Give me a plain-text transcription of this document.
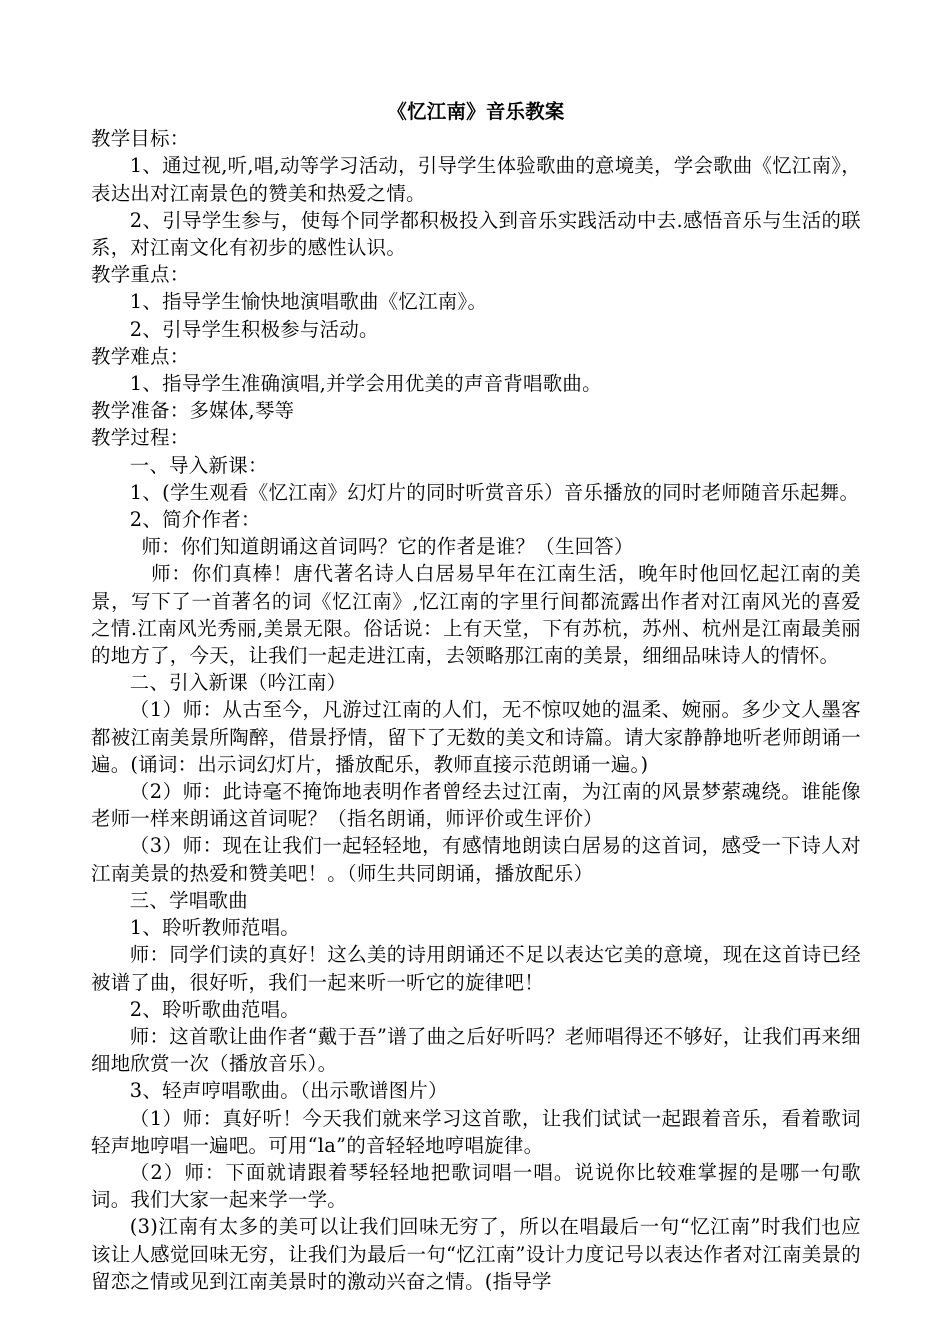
《忆江南》音乐教案

教学目标：

1、通过视,听,唱,动等学习活动，引导学生体验歌曲的意境美，学会歌曲《忆江南》，表达出对江南景色的赞美和热爱之情。

2、引导学生参与，使每个同学都积极投入到音乐实践活动中去.感悟音乐与生活的联系，对江南文化有初步的感性认识。

教学重点：

1、指导学生愉快地演唱歌曲《忆江南》。

2、引导学生积极参与活动。

教学难点：

1、指导学生准确演唱,并学会用优美的声音背唱歌曲。

教学准备：多媒体,琴等

教学过程：

一、导入新课：

1、(学生观看《忆江南》幻灯片的同时听赏音乐）音乐播放的同时老师随音乐起舞。

2、简介作者：

师：你们知道朗诵这首词吗？它的作者是谁？（生回答）

师：你们真棒！唐代著名诗人白居易早年在江南生活，晚年时他回忆起江南的美景，写下了一首著名的词《忆江南》,忆江南的字里行间都流露出作者对江南风光的喜爱之情.江南风光秀丽,美景无限。俗话说：上有天堂，下有苏杭，苏州、杭州是江南最美丽的地方了，今天，让我们一起走进江南，去领略那江南的美景，细细品味诗人的情怀。

二、引入新课（吟江南）

（1）师：从古至今，凡游过江南的人们，无不惊叹她的温柔、婉丽。多少文人墨客都被江南美景所陶醉，借景抒情，留下了无数的美文和诗篇。请大家静静地听老师朗诵一遍。(诵词：出示词幻灯片，播放配乐，教师直接示范朗诵一遍。)

（2）师：此诗毫不掩饰地表明作者曾经去过江南，为江南的风景梦萦魂绕。谁能像老师一样来朗诵这首词呢？（指名朗诵，师评价或生评价）

（3）师：现在让我们一起轻轻地，有感情地朗读白居易的这首词，感受一下诗人对江南美景的热爱和赞美吧！。（师生共同朗诵，播放配乐）

三、学唱歌曲

1、聆听教师范唱。

师：同学们读的真好！这么美的诗用朗诵还不足以表达它美的意境，现在这首诗已经被谱了曲，很好听，我们一起来听一听它的旋律吧！

2、聆听歌曲范唱。

师：这首歌让曲作者“戴于吾”谱了曲之后好听吗？老师唱得还不够好，让我们再来细细地欣赏一次（播放音乐）。

3、轻声哼唱歌曲。（出示歌谱图片）

（1）师：真好听！今天我们就来学习这首歌，让我们试试一起跟着音乐，看着歌词轻声地哼唱一遍吧。可用“la”的音轻轻地哼唱旋律。

（2）师：下面就请跟着琴轻轻地把歌词唱一唱。说说你比较难掌握的是哪一句歌词。我们大家一起来学一学。

(3)江南有太多的美可以让我们回味无穷了，所以在唱最后一句“忆江南”时我们也应该让人感觉回味无穷，让我们为最后一句“忆江南”设计力度记号以表达作者对江南美景的留恋之情或见到江南美景时的激动兴奋之情。(指导学
